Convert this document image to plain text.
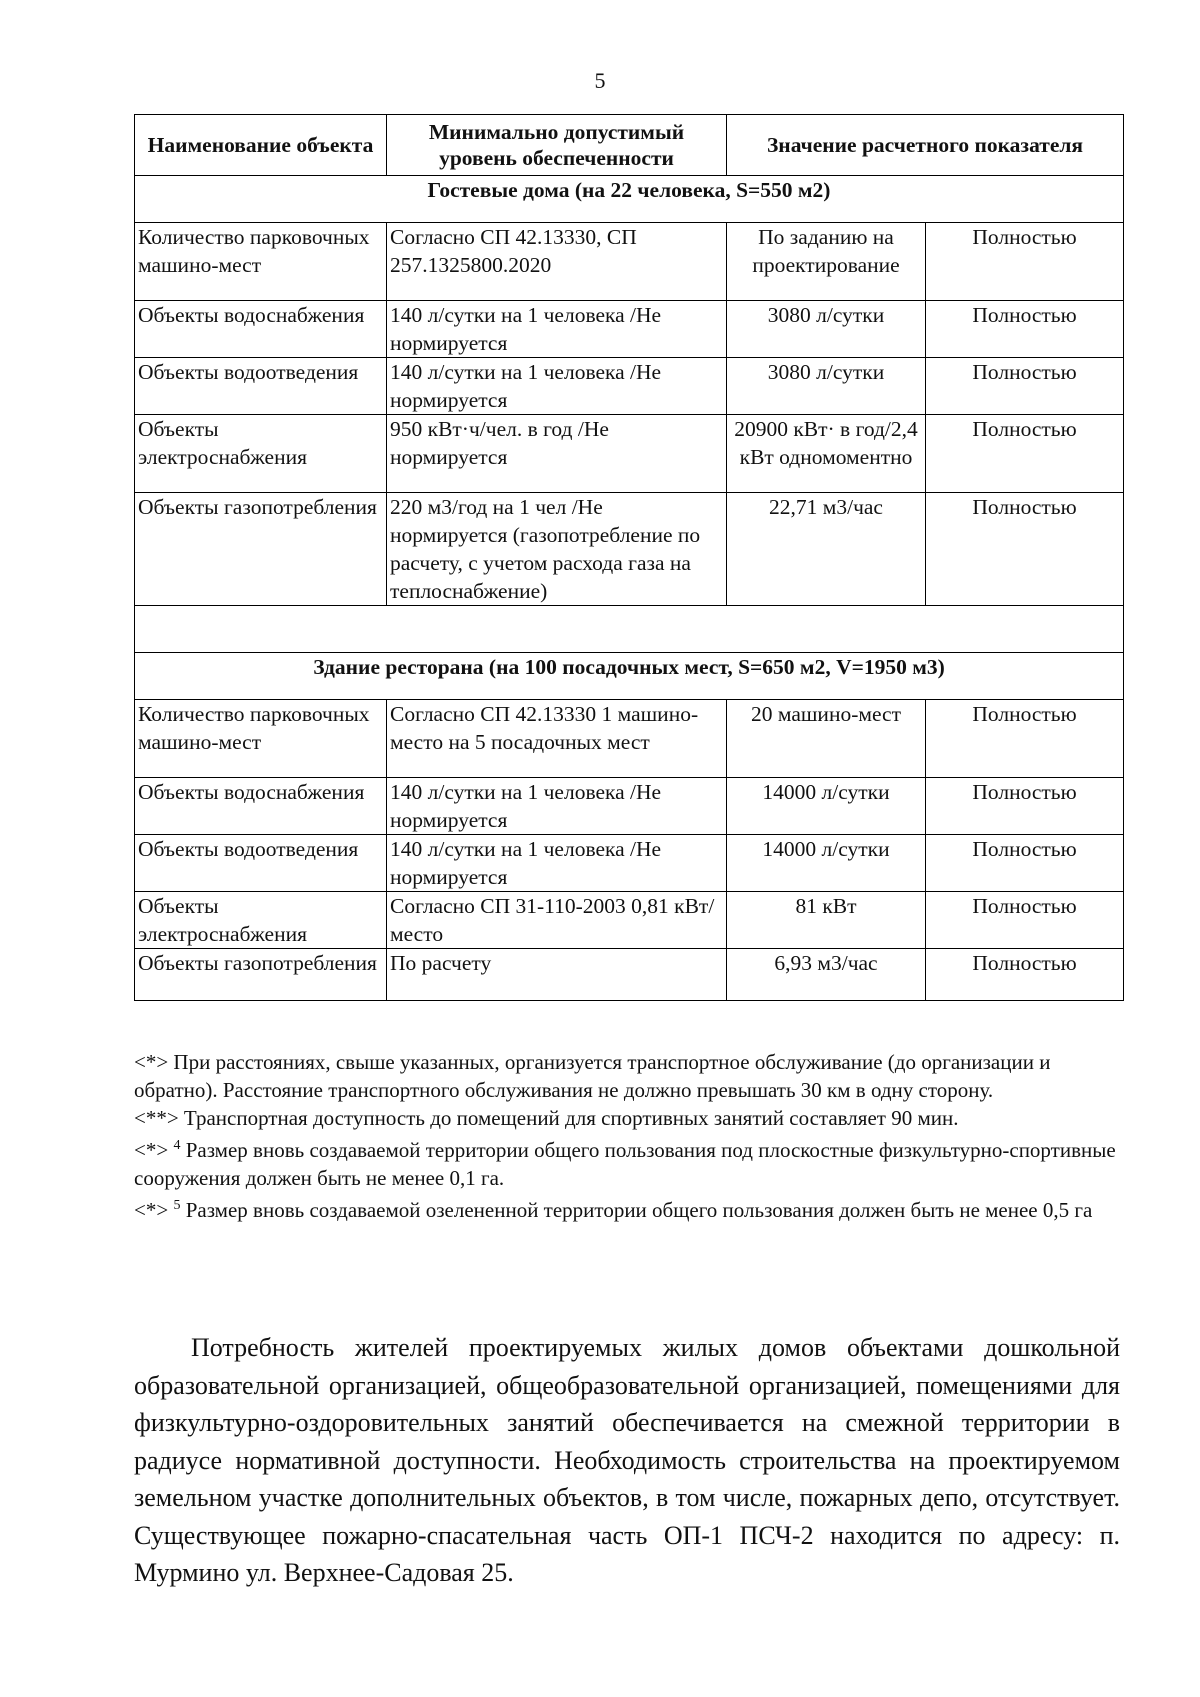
5
Наименование объекта	Минимально допустимый уровень обеспеченности	Значение расчетного показателя	
Гостевые дома (на 22 человека, S=550 м2)			
Количество парковочных машино-мест	Согласно СП 42.13330, СП 257.1325800.2020	По заданию на проектирование	Полностью
Объекты водоснабжения	140 л/сутки на 1 человека /Не нормируется	3080 л/сутки	Полностью
Объекты водоотведения	140 л/сутки на 1 человека /Не нормируется	3080 л/сутки	Полностью
Объекты электроснабжения	950 кВт·ч/чел. в год /Не нормируется	20900 кВт· в год/2,4 кВт одномоментно	Полностью
Объекты газопотребления	220 м3/год на 1 чел /Не нормируется (газопотребление по расчету, с учетом расхода газа на теплоснабжение)	22,71 м3/час	Полностью

Здание ресторана (на 100 посадочных мест, S=650 м2, V=1950 м3)			
Количество парковочных машино-мест	Согласно СП 42.13330 1 машино-место на 5 посадочных мест	20 машино-мест	Полностью
Объекты водоснабжения	140 л/сутки на 1 человека /Не нормируется	14000 л/сутки	Полностью
Объекты водоотведения	140 л/сутки на 1 человека /Не нормируется	14000 л/сутки	Полностью
Объекты электроснабжения	Согласно СП 31-110-2003 0,81 кВт/место	81 кВт	Полностью
Объекты газопотребления	По расчету	6,93 м3/час	Полностью

<*> При расстояниях, свыше указанных, организуется транспортное обслуживание (до организации и обратно). Расстояние транспортного обслуживания не должно превышать 30 км в одну сторону.

<**> Транспортная доступность до помещений для спортивных занятий составляет 90 мин.

<*> $^4$ Размер вновь создаваемой территории общего пользования под плоскостные физкультурно-спортивные сооружения должен быть не менее 0,1 га.

<*> $^5$ Размер вновь создаваемой озелененной территории общего пользования должен быть не менее 0,5 га

Потребность жителей проектируемых жилых домов объектами дошкольной образовательной организацией, общеобразовательной организацией, помещениями для физкультурно-оздоровительных занятий обеспечивается на смежной территории в радиусе нормативной доступности. Необходимость строительства на проектируемом земельном участке дополнительных объектов, в том числе, пожарных депо, отсутствует. Существующее пожарно-спасательная часть ОП-1 ПСЧ-2 находится по адресу: п. Мурмино ул. Верхнее-Садовая 25.
